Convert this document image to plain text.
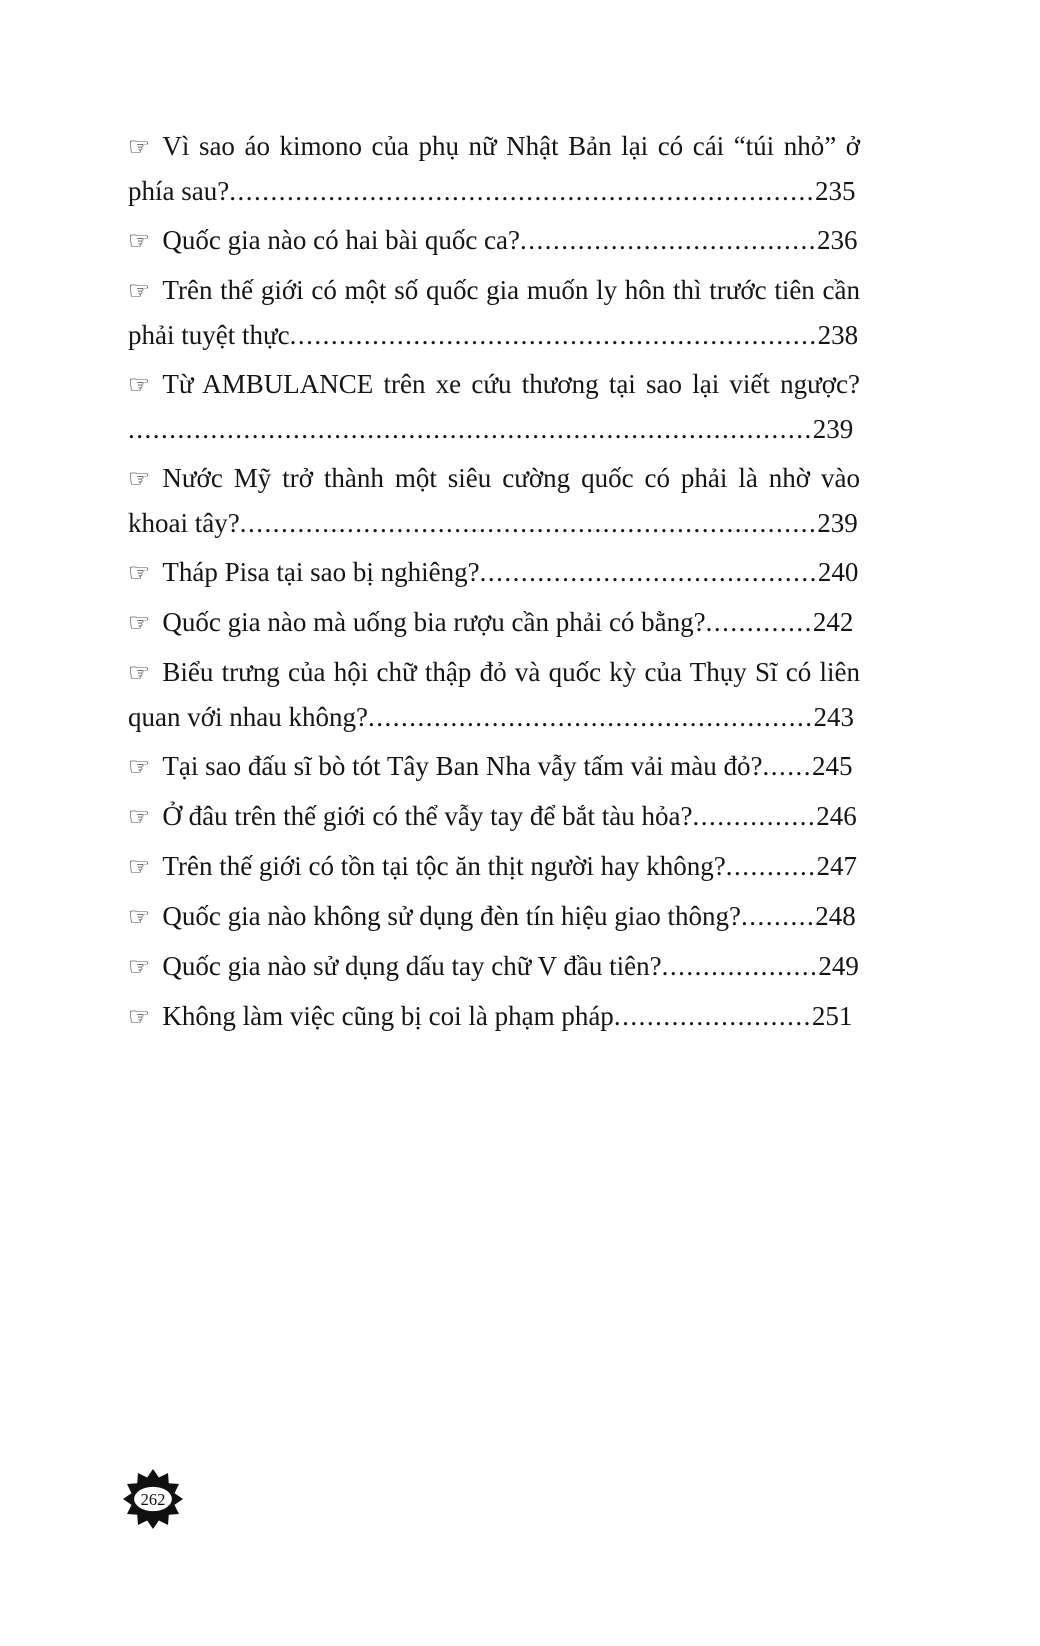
☞ Vì sao áo kimono của phụ nữ Nhật Bản lại có cái “túi nhỏ” ở phía sau?.......................................................................235

☞ Quốc gia nào có hai bài quốc ca?....................................236

☞ Trên thế giới có một số quốc gia muốn ly hôn thì trước tiên cần phải tuyệt thực................................................................238

☞ Từ AMBULANCE trên xe cứu thương tại sao lại viết ngược?...................................................................................239

☞ Nước Mỹ trở thành một siêu cường quốc có phải là nhờ vào khoai tây?......................................................................239

☞ Tháp Pisa tại sao bị nghiêng?.........................................240

☞ Quốc gia nào mà uống bia rượu cần phải có bằng?.............242

☞ Biểu trưng của hội chữ thập đỏ và quốc kỳ của Thụy Sĩ có liên quan với nhau không?......................................................243

☞ Tại sao đấu sĩ bò tót Tây Ban Nha vẫy tấm vải màu đỏ?......245

☞ Ở đâu trên thế giới có thể vẫy tay để bắt tàu hỏa?...............246

☞ Trên thế giới có tồn tại tộc ăn thịt người hay không?...........247

☞ Quốc gia nào không sử dụng đèn tín hiệu giao thông?.........248

☞ Quốc gia nào sử dụng dấu tay chữ V đầu tiên?...................249

☞ Không làm việc cũng bị coi là phạm pháp........................251

262
